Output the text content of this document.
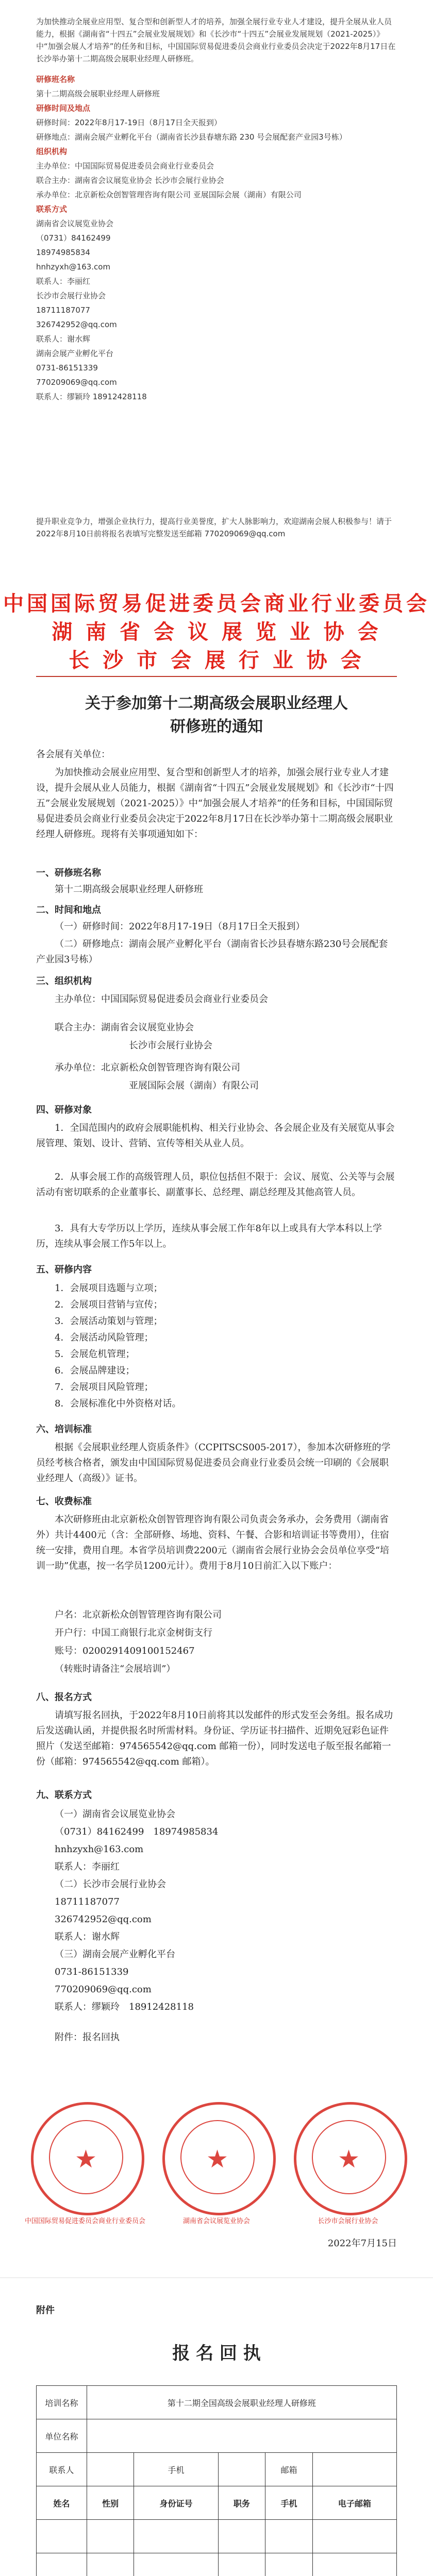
为加快推动全展业应用型、复合型和创新型人才的培养，加强全展行业专业人才建设，提升全展从业人员能力，根据《湖南省“十四五”会展业发展规划》和《长沙市“十四五”会展业发展规划（2021-2025）》中“加强会展人才培养”的任务和目标，中国国际贸易促进委员会商业行业委员会决定于2022年8月17日在长沙举办第十二期高级会展职业经理人研修班。
研修班名称
第十二期高级会展职业经理人研修班
研修时间及地点
研修时间：2022年8月17-19日（8月17日全天报到）
研修地点：湖南会展产业孵化平台（湖南省长沙县春塘东路 230 号会展配套产业园3号栋）
组织机构
主办单位：中国国际贸易促进委员会商业行业委员会
联合主办：湖南省会议展览业协会 长沙市会展行业协会
承办单位：北京新松众创智管理咨询有限公司 亚展国际会展（湖南）有限公司
联系方式
湖南省会议展览业协会
（0731）84162499
18974985834
hnhzyxh@163.com
联系人：李丽红
长沙市会展行业协会
18711187077
326742952@qq.com
联系人：谢水辉
湖南会展产业孵化平台
0731-86151339
770209069@qq.com
联系人：缪颖玲 18912428118
提升职业竞争力，增强企业执行力，提高行业美誉度，扩大人脉影响力，欢迎湖南会展人积极参与！请于2022年8月10日前将报名表填写完整发送至邮箱 770209069@qq.com
中国国际贸易促进委员会商业行业委员会
湖 南 省 会 议 展 览 业 协 会
长 沙 市 会 展 行 业 协 会
关于参加第十二期高级会展职业经理人
研修班的通知
各会展有关单位：
为加快推动会展业应用型、复合型和创新型人才的培养，加强会展行业专业人才建设，提升会展从业人员能力，根据《湖南省“十四五”会展业发展规划》和《长沙市“十四五”会展业发展规划（2021-2025）》中“加强会展人才培养”的任务和目标，中国国际贸易促进委员会商业行业委员会决定于2022年8月17日在长沙举办第十二期高级会展职业经理人研修班。现将有关事项通知如下：
一、研修班名称
第十二期高级会展职业经理人研修班
二、时间和地点
（一）研修时间：2022年8月17-19日（8月17日全天报到）
（二）研修地点：湖南会展产业孵化平台（湖南省长沙县春塘东路230号会展配套产业园3号栋）
三、组织机构
主办单位：中国国际贸易促进委员会商业行业委员会
联合主办：湖南省会议展览业协会
长沙市会展行业协会
承办单位：北京新松众创智管理咨询有限公司
亚展国际会展（湖南）有限公司
四、研修对象
1．全国范围内的政府会展职能机构、相关行业协会、各会展企业及有关展览从事会展管理、策划、设计、营销、宣传等相关从业人员。
2．从事会展工作的高级管理人员，职位包括但不限于：会议、展览、公关等与会展活动有密切联系的企业董事长、副董事长、总经理、副总经理及其他高管人员。
3．具有大专学历以上学历，连续从事会展工作年8年以上或具有大学本科以上学历，连续从事会展工作5年以上。
五、研修内容
1．会展项目选题与立项；
2．会展项目营销与宣传；
3．会展活动策划与管理；
4．会展活动风险管理；
5．会展危机管理；
6．会展品牌建设；
7．会展项目风险管理；
8．会展标准化中外资格对话。
六、培训标准
根据《会展职业经理人资质条件》（CCPITSCS005-2017），参加本次研修班的学员经考核合格者，颁发由中国国际贸易促进委员会商业行业委员会统一印刷的《会展职业经理人（高级）》证书。
七、收费标准
本次研修班由北京新松众创智管理咨询有限公司负责会务承办，会务费用（湖南省外）共计4400元（含：全部研修、场地、资料、午餐、合影和培训证书等费用），住宿统一安排，费用自理。本省学员培训费2200元（湖南省会展行业协会会员单位享受“培训一助”优惠，按一名学员1200元计）。费用于8月10日前汇入以下账户：
户名：北京新松众创智管理咨询有限公司
开户行：中国工商银行北京金树街支行
账号：0200291409100152467
（转账时请备注“会展培训”）
八、报名方式
请填写报名回执，于2022年8月10日前将其以发邮件的形式发至会务组。报名成功后发送确认函，并提供报名时所需材料。身份证、学历证书扫描件、近期免冠彩色证件照片（发送至邮箱：974565542@qq.com 邮箱一份），同时发送电子版至报名邮箱一份（邮箱：974565542@qq.com 邮箱）。
九、联系方式
（一）湖南省会议展览业协会
（0731）84162499　18974985834
hnhzyxh@163.com
联系人：李丽红
（二）长沙市会展行业协会
18711187077
326742952@qq.com
联系人：谢水辉
（三）湖南会展产业孵化平台
0731-86151339
770209069@qq.com
联系人：缪颖玲　18912428118
附件：报名回执
★
中国国际贸易促进委员会商业行业委员会
★
湖南省会议展览业协会
★
长沙市会展行业协会
2022年7月15日
附件
报 名 回 执
培训名称	第十二期全国高级会展职业经理人研修班				
单位名称					
联系人		手机		邮箱	
姓名	性别	身份证号	职务	手机	电子邮箱
